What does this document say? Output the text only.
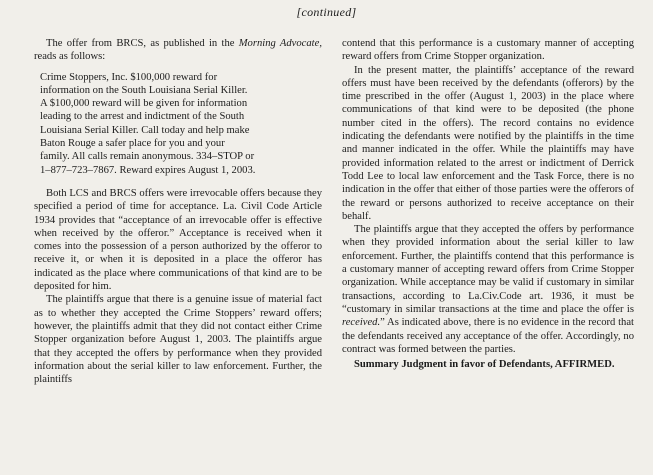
[continued]

The offer from BRCS, as published in the Morning Advocate, reads as follows:

Crime Stoppers, Inc. $100,000 reward for
information on the South Louisiana Serial Killer.
A $100,000 reward will be given for information
leading to the arrest and indictment of the South
Louisiana Serial Killer. Call today and help make
Baton Rouge a safer place for you and your
family. All calls remain anonymous. 334–STOP or
1–877–723–7867. Reward expires August 1, 2003.

Both LCS and BRCS offers were irrevocable offers because they specified a period of time for acceptance. La. Civil Code Article 1934 provides that “acceptance of an irrevocable offer is effective when received by the offeror.” Acceptance is received when it comes into the possession of a person authorized by the offeror to receive it, or when it is deposited in a place the offeror has indicated as the place where communications of that kind are to be deposited for him.

The plaintiffs argue that there is a genuine issue of material fact as to whether they accepted the Crime Stoppers’ reward offers; however, the plaintiffs admit that they did not contact either Crime Stopper organization before August 1, 2003. The plaintiffs argue that they accepted the offers by performance when they provided information about the serial killer to law enforcement. Further, the plaintiffs

contend that this performance is a customary manner of accepting reward offers from Crime Stopper organization.

In the present matter, the plaintiffs’ acceptance of the reward offers must have been received by the defendants (offerors) by the time prescribed in the offer (August 1, 2003) in the place where communications of that kind were to be deposited (the phone number cited in the offers). The record contains no evidence indicating the defendants were notified by the plaintiffs in the time and manner indicated in the offer. While the plaintiffs may have provided information related to the arrest or indictment of Derrick Todd Lee to local law enforcement and the Task Force, there is no indication in the offer that either of those parties were the offerors of the reward or persons authorized to receive acceptance on their behalf.

The plaintiffs argue that they accepted the offers by performance when they provided information about the serial killer to law enforcement. Further, the plaintiffs contend that this performance is a customary manner of accepting reward offers from Crime Stopper organization. While acceptance may be valid if customary in similar transactions, according to La.Civ.Code art. 1936, it must be “customary in similar transactions at the time and place the offer is received.” As indicated above, there is no evidence in the record that the defendants received any acceptance of the offer. Accordingly, no contract was formed between the parties.

Summary Judgment in favor of Defendants, AFFIRMED.
